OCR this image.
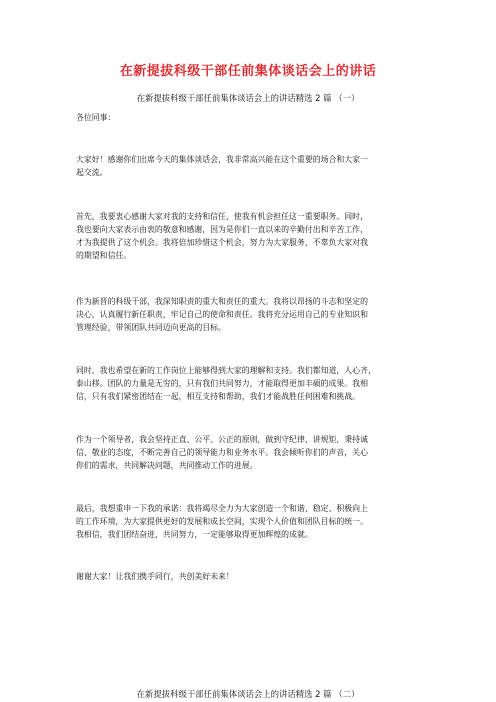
在新提拔科级干部任前集体谈话会上的讲话
在新提拔科级干部任前集体谈话会上的讲话精选 2 篇 （一）
各位同事：
大家好！感谢你们出席今天的集体谈话会，我非常高兴能在这个重要的场合和大家一
起交流。
首先，我要衷心感谢大家对我的支持和信任，使我有机会担任这一重要职务。同时，
我也要向大家表示由衷的敬意和感谢，因为是你们一直以来的辛勤付出和辛苦工作，
才为我提供了这个机会。我将倍加珍惜这个机会，努力为大家服务，不辜负大家对我
的期望和信任。
作为新晋的科级干部，我深知职责的重大和责任的重大。我将以昂扬的斗志和坚定的
决心，认真履行新任职责，牢记自己的使命和责任。我将充分运用自己的专业知识和
管理经验，带领团队共同迈向更高的目标。
同时，我也希望在新的工作岗位上能够得到大家的理解和支持。我们都知道，人心齐，
泰山移。团队的力量是无穷的，只有我们共同努力，才能取得更加丰硕的成果。我相
信，只有我们紧密团结在一起，相互支持和帮助，我们才能战胜任何困难和挑战。
作为一个领导者，我会坚持正直、公平、公正的原则，做到守纪律、讲规矩，秉持诚
信、敬业的态度，不断完善自己的领导能力和业务水平。我会倾听你们的声音，关心
你们的需求，共同解决问题，共同推动工作的进展。
最后，我想重申一下我的承诺：我将竭尽全力为大家创造一个和谐、稳定、积极向上
的工作环境，为大家提供更好的发展和成长空间，实现个人价值和团队目标的统一。
我相信，我们团结奋进，共同努力，一定能够取得更加辉煌的成就。
谢谢大家！让我们携手同行，共创美好未来！
在新提拔科级干部任前集体谈话会上的讲话精选 2 篇 （二）
